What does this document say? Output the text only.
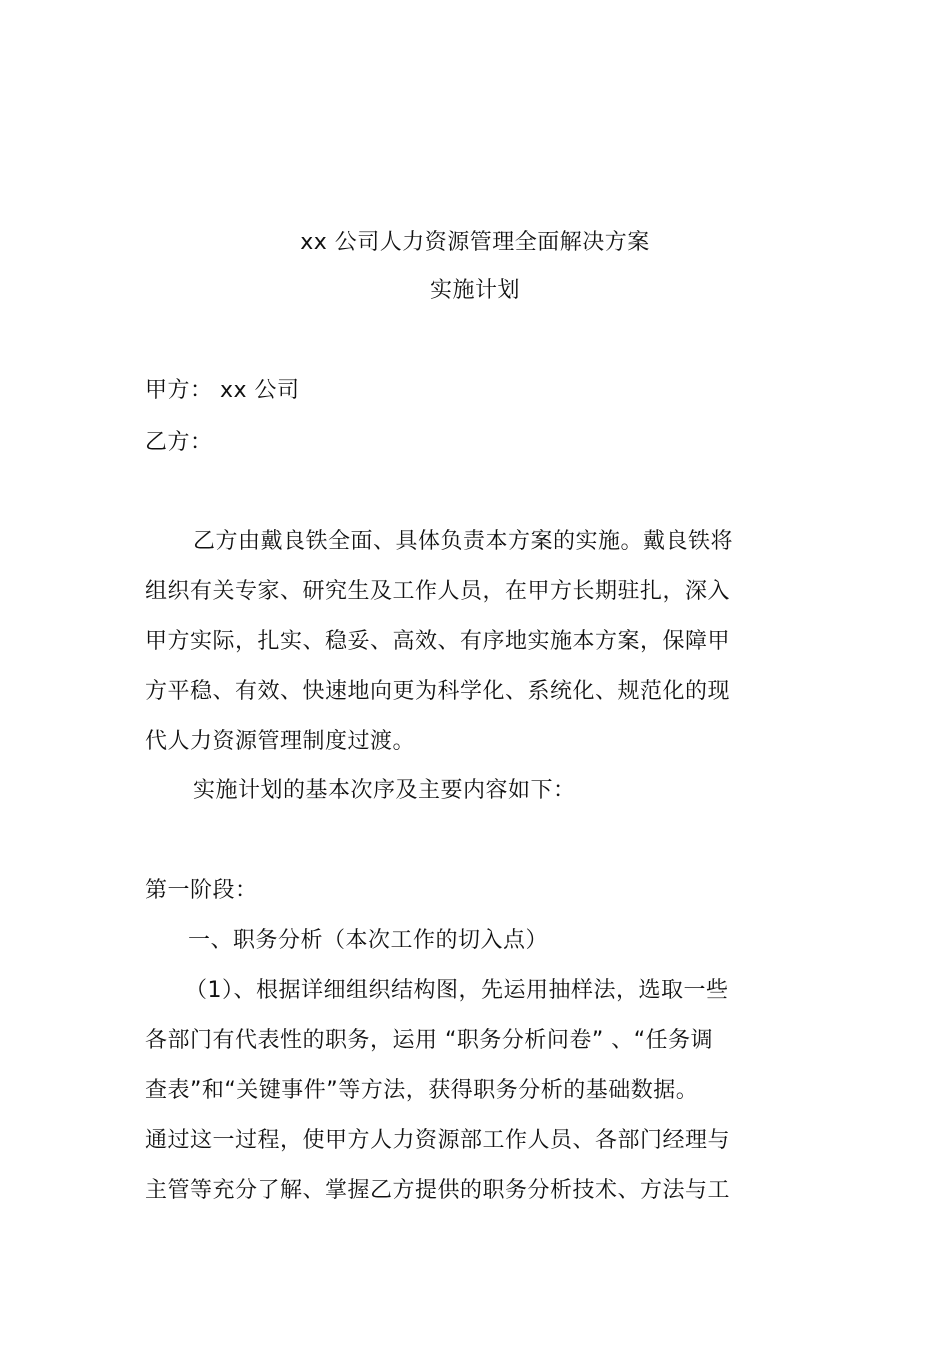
xx 公司人力资源管理全面解决方案
实施计划
甲方： xx 公司
乙方：
乙方由戴良铁全面、具体负责本方案的实施。戴良铁将
组织有关专家、研究生及工作人员，在甲方长期驻扎，深入
甲方实际，扎实、稳妥、高效、有序地实施本方案，保障甲
方平稳、有效、快速地向更为科学化、系统化、规范化的现
代人力资源管理制度过渡。
实施计划的基本次序及主要内容如下：
第一阶段：
一、职务分析（本次工作的切入点）
（1）、根据详细组织结构图，先运用抽样法，选取一些
各部门有代表性的职务，运用 “职务分析问卷” 、“任务调
查表”和“关键事件”等方法，获得职务分析的基础数据。
通过这一过程，使甲方人力资源部工作人员、各部门经理与
主管等充分了解、掌握乙方提供的职务分析技术、方法与工
